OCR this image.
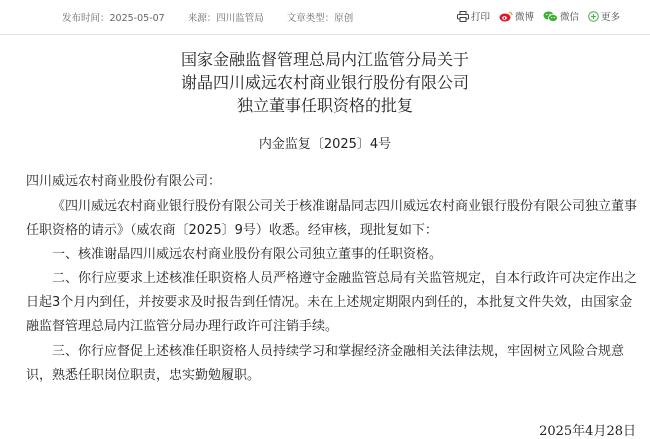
发布时间：2025-05-07 来源：四川监管局 文章类型：原创	打印	微博	微信 更多
国家金融监督管理总局内江监管分局关于
谢晶四川威远农村商业银行股份有限公司
独立董事任职资格的批复
内金监复〔2025〕4号

四川威远农村商业股份有限公司：

《四川威远农村商业银行股份有限公司关于核准谢晶同志四川威远农村商业银行股份有限公司独立董事任职资格的请示》（威农商〔2025〕9号）收悉。经审核，现批复如下：

一、核准谢晶四川威远农村商业股份有限公司独立董事的任职资格。

二、你行应要求上述核准任职资格人员严格遵守金融监管总局有关监管规定，自本行政许可决定作出之日起3个月内到任，并按要求及时报告到任情况。未在上述规定期限内到任的，本批复文件失效，由国家金融监督管理总局内江监管分局办理行政许可注销手续。

三、你行应督促上述核准任职资格人员持续学习和掌握经济金融相关法律法规，牢固树立风险合规意识，熟悉任职岗位职责，忠实勤勉履职。

2025年4月28日
